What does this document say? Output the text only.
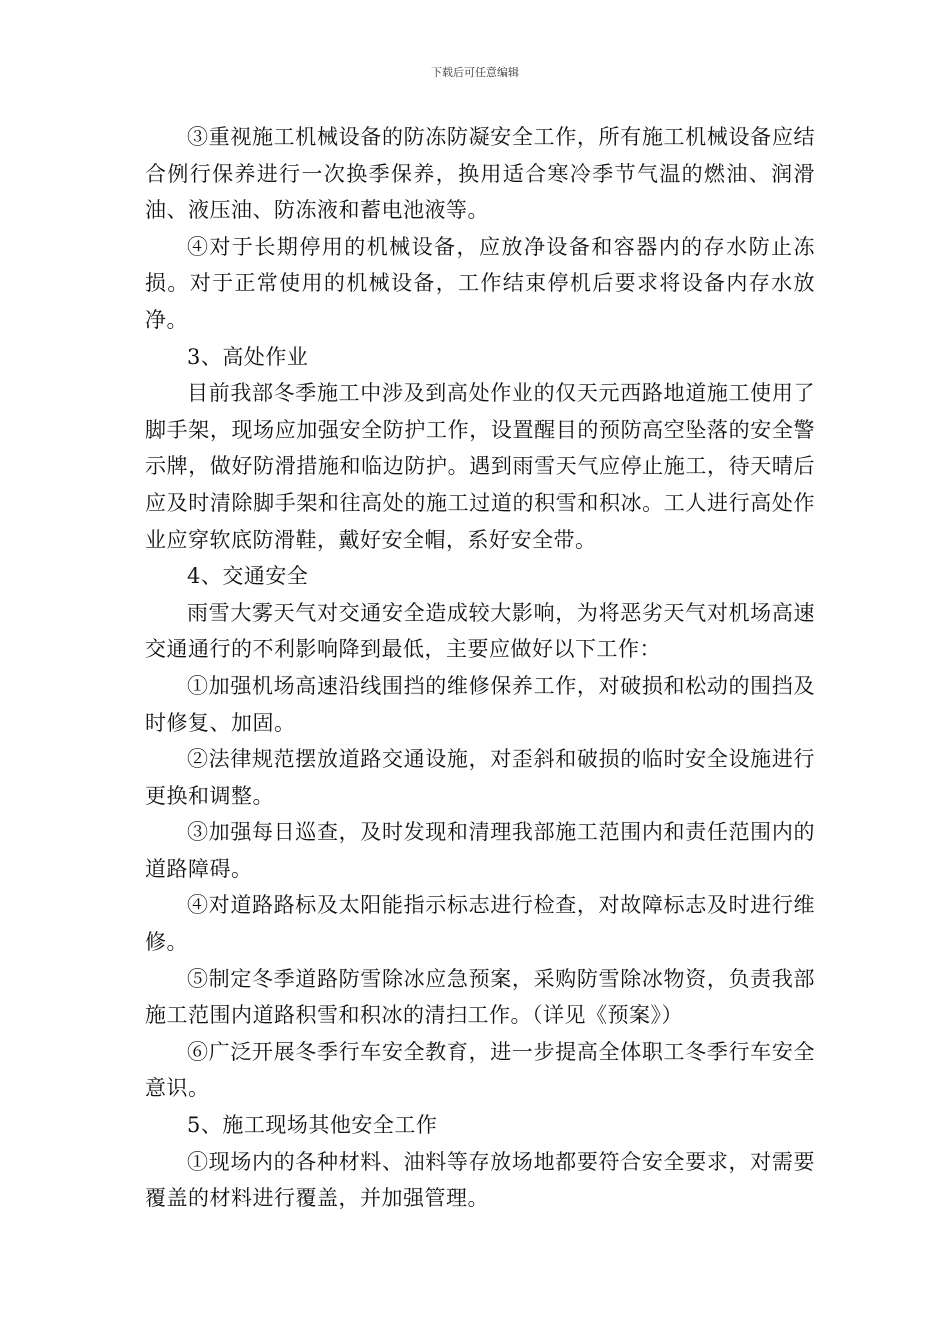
下载后可任意编辑

③重视施工机械设备的防冻防凝安全工作，所有施工机械设备应结合例行保养进行一次换季保养，换用适合寒冷季节气温的燃油、润滑油、液压油、防冻液和蓄电池液等。

④对于长期停用的机械设备，应放净设备和容器内的存水防止冻损。对于正常使用的机械设备，工作结束停机后要求将设备内存水放净。

3、高处作业

目前我部冬季施工中涉及到高处作业的仅天元西路地道施工使用了脚手架，现场应加强安全防护工作，设置醒目的预防高空坠落的安全警示牌，做好防滑措施和临边防护。遇到雨雪天气应停止施工，待天晴后应及时清除脚手架和往高处的施工过道的积雪和积冰。工人进行高处作业应穿软底防滑鞋，戴好安全帽，系好安全带。

4、交通安全

雨雪大雾天气对交通安全造成较大影响，为将恶劣天气对机场高速交通通行的不利影响降到最低，主要应做好以下工作：

①加强机场高速沿线围挡的维修保养工作，对破损和松动的围挡及时修复、加固。

②法律规范摆放道路交通设施，对歪斜和破损的临时安全设施进行更换和调整。

③加强每日巡查，及时发现和清理我部施工范围内和责任范围内的道路障碍。

④对道路路标及太阳能指示标志进行检查，对故障标志及时进行维修。

⑤制定冬季道路防雪除冰应急预案，采购防雪除冰物资，负责我部施工范围内道路积雪和积冰的清扫工作。（详见《预案》）

⑥广泛开展冬季行车安全教育，进一步提高全体职工冬季行车安全意识。

5、施工现场其他安全工作

①现场内的各种材料、油料等存放场地都要符合安全要求，对需要覆盖的材料进行覆盖，并加强管理。
